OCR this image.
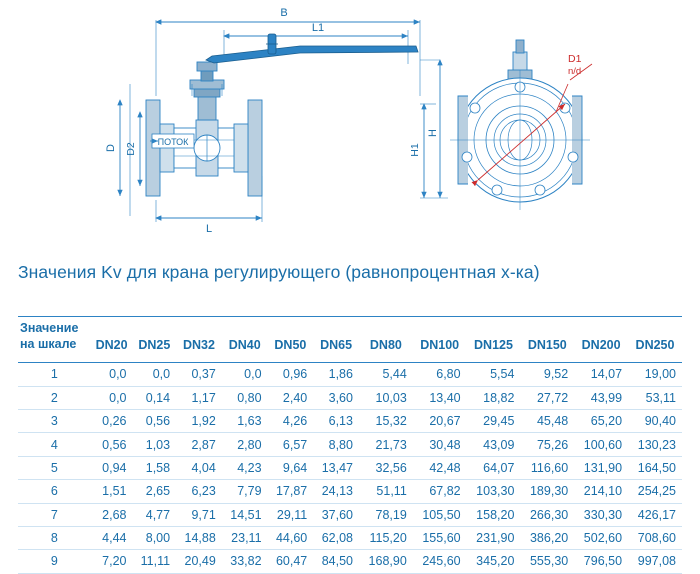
B
L1
L
H
H1
D D2
ПОТОК
D1
n/d
Значения Kv для крана регулирующего (равнопроцентная х-ка)
Значение
на шкале	DN20	DN25	DN32	DN40	DN50	DN65	DN80	DN100	DN125	DN150	DN200	DN250
1	0,0	0,0	0,37	0,0	0,96	1,86	5,44	6,80	5,54	9,52	14,07	19,00
2	0,0	0,14	1,17	0,80	2,40	3,60	10,03	13,40	18,82	27,72	43,99	53,11
3	0,26	0,56	1,92	1,63	4,26	6,13	15,32	20,67	29,45	45,48	65,20	90,40
4	0,56	1,03	2,87	2,80	6,57	8,80	21,73	30,48	43,09	75,26	100,60	130,23
5	0,94	1,58	4,04	4,23	9,64	13,47	32,56	42,48	64,07	116,60	131,90	164,50
6	1,51	2,65	6,23	7,79	17,87	24,13	51,11	67,82	103,30	189,30	214,10	254,25
7	2,68	4,77	9,71	14,51	29,11	37,60	78,19	105,50	158,20	266,30	330,30	426,17
8	4,44	8,00	14,88	23,11	44,60	62,08	115,20	155,60	231,90	386,20	502,60	708,60
9	7,20	11,11	20,49	33,82	60,47	84,50	168,90	245,60	345,20	555,30	796,50	997,08
